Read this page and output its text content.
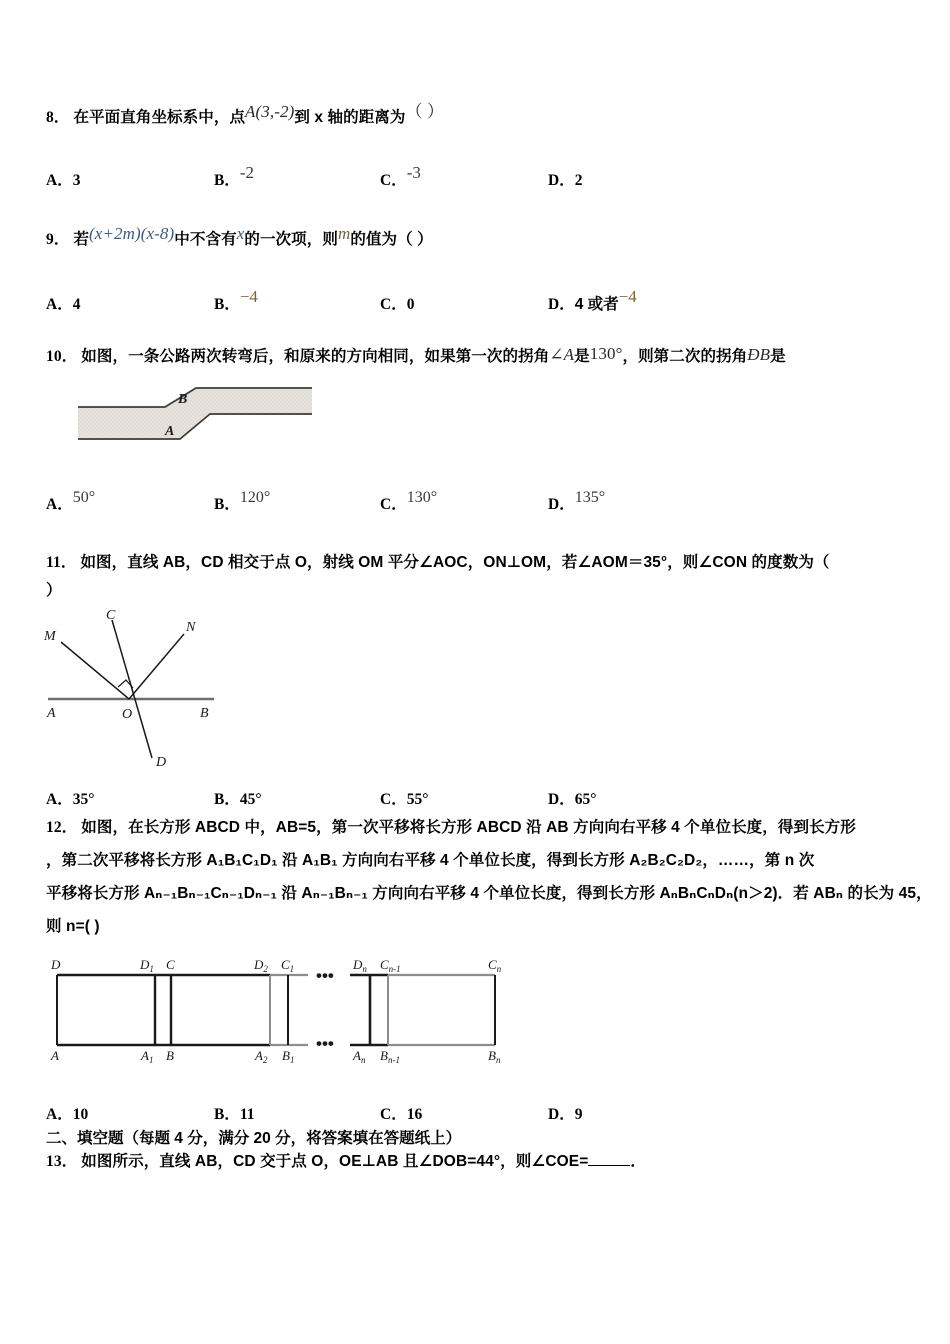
8． 在平面直角坐标系中，点A(3,-2)到 x 轴的距离为（ ）
A．3	B．-2	C．-3	D．2
9． 若(x+2m)(x-8)中不含有x的一次项，则m的值为（ ）
A．4	B．−4	C．0	D．4 或者−4
10． 如图，一条公路两次转弯后，和原来的方向相同，如果第一次的拐角∠A是130°，则第二次的拐角ÐB是
B
A
A．50°	B．120°	C．130°	D．135°
11． 如图，直线 AB，CD 相交于点 O，射线 OM 平分∠AOC，ON⊥OM，若∠AOM＝35°，则∠CON 的度数为（
）
C
N
M
A	O	B
D
A．35°	B．45°	C．55°	D．65°
12． 如图，在长方形 ABCD 中，AB=5，第一次平移将长方形 ABCD 沿 AB 方向向右平移 4 个单位长度，得到长方形
，第二次平移将长方形 A₁B₁C₁D₁ 沿 A₁B₁ 方向向右平移 4 个单位长度，得到长方形 A₂B₂C₂D₂，……，第 n 次
平移将长方形 Aₙ₋₁Bₙ₋₁Cₙ₋₁Dₙ₋₁ 沿 Aₙ₋₁Bₙ₋₁ 方向向右平移 4 个单位长度，得到长方形 AₙBₙCₙDₙ(n＞2)．若 ABₙ 的长为 45，
则 n=( )
•••
•••
D	$D_1$ C	$D_2$ $C_1$	$D_n$ $C_{n-1}$	$C_n$
A	$A_1$ B	$A_2$ $B_1$	$A_n$ $B_{n-1}$	$B_n$
A．10	B．11	C．16	D．9
二、填空题（每题 4 分，满分 20 分，将答案填在答题纸上）
13． 如图所示，直线 AB，CD 交于点 O，OE⊥AB 且∠DOB=44°，则∠COE=	．
